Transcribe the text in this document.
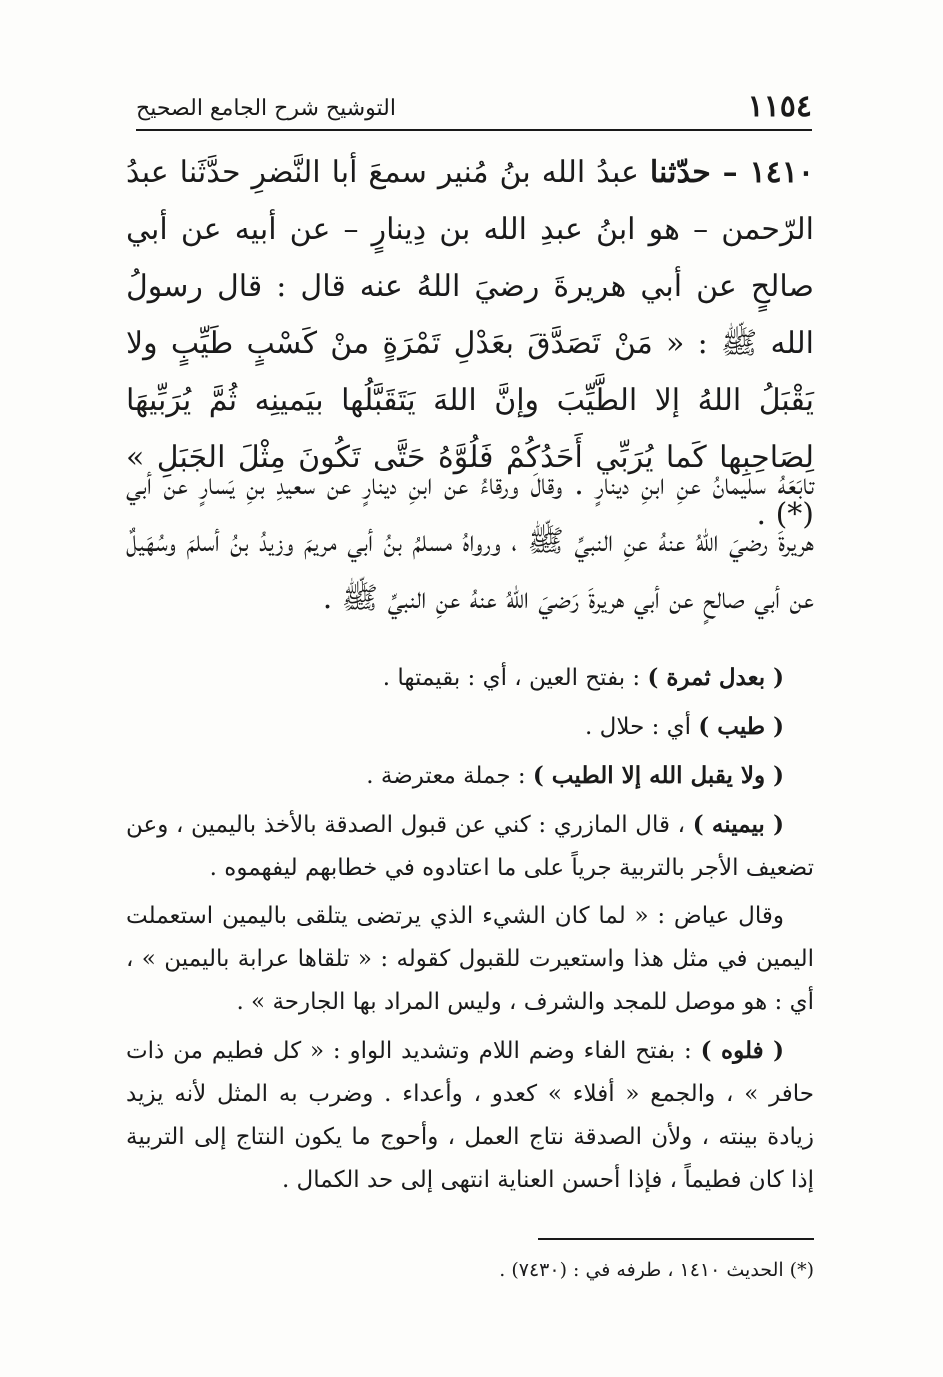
١١٥٤
التوشيح شرح الجامع الصحيح
١٤١٠ – حدّثنا عبدُ الله بنُ مُنير سمعَ أبا النَّضرِ حدَّثَنا عبدُ الرّحمن – هو ابنُ عبدِ الله بن دِينارٍ – عن أبيه عن أبي صالحٍ عن أبي هريرةَ رضيَ اللهُ عنه قال : قال رسولُ الله ﷺ : « مَنْ تَصَدَّقَ بعَدْلِ تَمْرَةٍ منْ كَسْبٍ طَيِّبٍ ولا يَقْبَلُ اللهُ إلا الطَّيِّبَ وإنَّ اللهَ يَتَقَبَّلُها بيَمينِه ثُمَّ يُرَبِّيهَا لِصَاحِبِها كَما يُرَبِّي أَحَدُكُمْ فَلُوَّهُ حَتَّى تَكُونَ مِثْلَ الجَبَلِ » (*) .
تابَعَهُ سليمانُ عنِ ابنِ دينارٍ . وقالَ ورقاءُ عن ابنِ دينارٍ عن سعيدِ بنِ يَسارٍ عن أبي هريرةَ رضيَ اللهُ عنهُ عنِ النبيِّ ﷺ ، ورواهُ مسلمُ بنُ أبي مريمَ وزيدُ بنُ أسلمَ وسُهَيلٌ عن أبي صالحٍ عن أبي هريرةَ رَضيَ اللهُ عنهُ عنِ النبيِّ ﷺ .

( بعدل ثمرة ) : بفتح العين ، أي : بقيمتها .

( طيب ) أي : حلال .

( ولا يقبل الله إلا الطيب ) : جملة معترضة .

( بيمينه ) ، قال المازري : كني عن قبول الصدقة بالأخذ باليمين ، وعن تضعيف الأجر بالتربية جرياً على ما اعتادوه في خطابهم ليفهموه .

وقال عياض : « لما كان الشيء الذي يرتضى يتلقى باليمين استعملت اليمين في مثل هذا واستعيرت للقبول كقوله : « تلقاها عرابة باليمين » ، أي : هو موصل للمجد والشرف ، وليس المراد بها الجارحة » .

( فلوه ) : بفتح الفاء وضم اللام وتشديد الواو : « كل فطيم من ذات حافر » ، والجمع « أفلاء » كعدو ، وأعداء . وضرب به المثل لأنه يزيد زيادة بينته ، ولأن الصدقة نتاج العمل ، وأحوج ما يكون النتاج إلى التربية إذا كان فطيماً ، فإذا أحسن العناية انتهى إلى حد الكمال .

(*) الحديث ١٤١٠ ، طرفه في : (٧٤٣٠) .
